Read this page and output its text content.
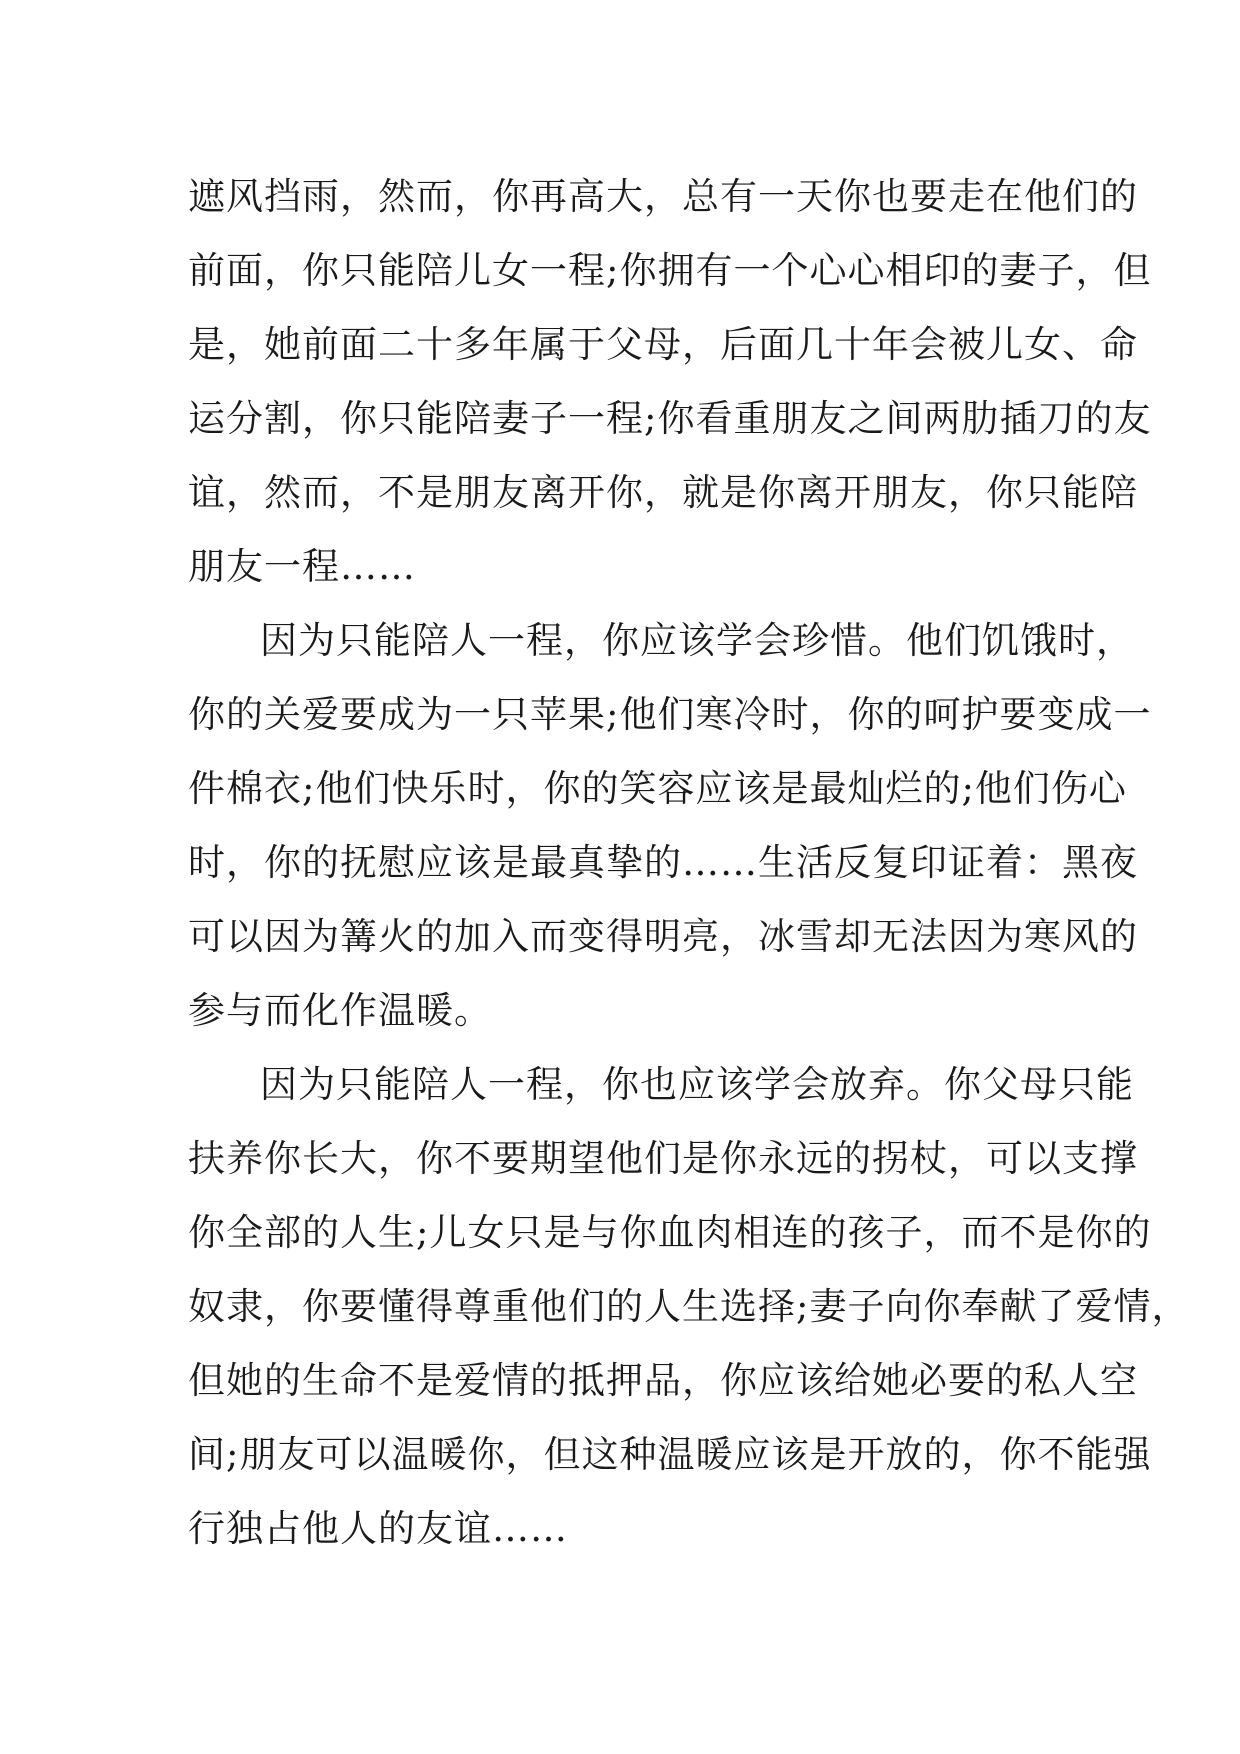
遮风挡雨，然而，你再高大，总有一天你也要走在他们的
前面，你只能陪儿女一程;你拥有一个心心相印的妻子，但
是，她前面二十多年属于父母，后面几十年会被儿女、命
运分割，你只能陪妻子一程;你看重朋友之间两肋插刀的友
谊，然而，不是朋友离开你，就是你离开朋友，你只能陪
朋友一程……
因为只能陪人一程，你应该学会珍惜。他们饥饿时，
你的关爱要成为一只苹果;他们寒冷时，你的呵护要变成一
件棉衣;他们快乐时，你的笑容应该是最灿烂的;他们伤心
时，你的抚慰应该是最真挚的……生活反复印证着：黑夜
可以因为篝火的加入而变得明亮，冰雪却无法因为寒风的
参与而化作温暖。
因为只能陪人一程，你也应该学会放弃。你父母只能
扶养你长大，你不要期望他们是你永远的拐杖，可以支撑
你全部的人生;儿女只是与你血肉相连的孩子，而不是你的
奴隶，你要懂得尊重他们的人生选择;妻子向你奉献了爱情，
但她的生命不是爱情的抵押品，你应该给她必要的私人空
间;朋友可以温暖你，但这种温暖应该是开放的，你不能强
行独占他人的友谊……
